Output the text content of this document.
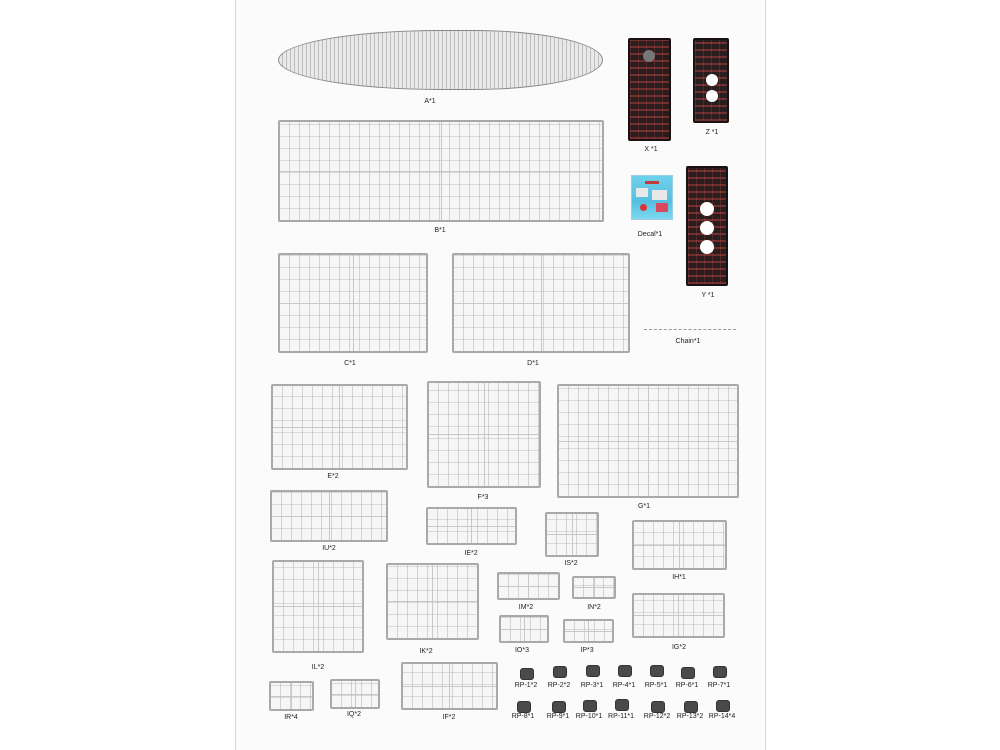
A*1
X *1
Z *1
B*1
Decal*1
Y *1
C*1	D*1
Chain*1
E*2
F*3
G*1
IU*2
IE*2
IS*2
IH*1
IL*2
IK*2
IM*2	IN*2
IG*2
IO*3	IP*3
IR*4	IQ*2	IF*2
RP-1*2 RP-2*2 RP-3*1 RP-4*1 RP-5*1 RP-6*1 RP-7*1
RP-8*1 RP-9*1 RP-10*1 RP-11*1 RP-12*2 RP-13*2 RP-14*4
